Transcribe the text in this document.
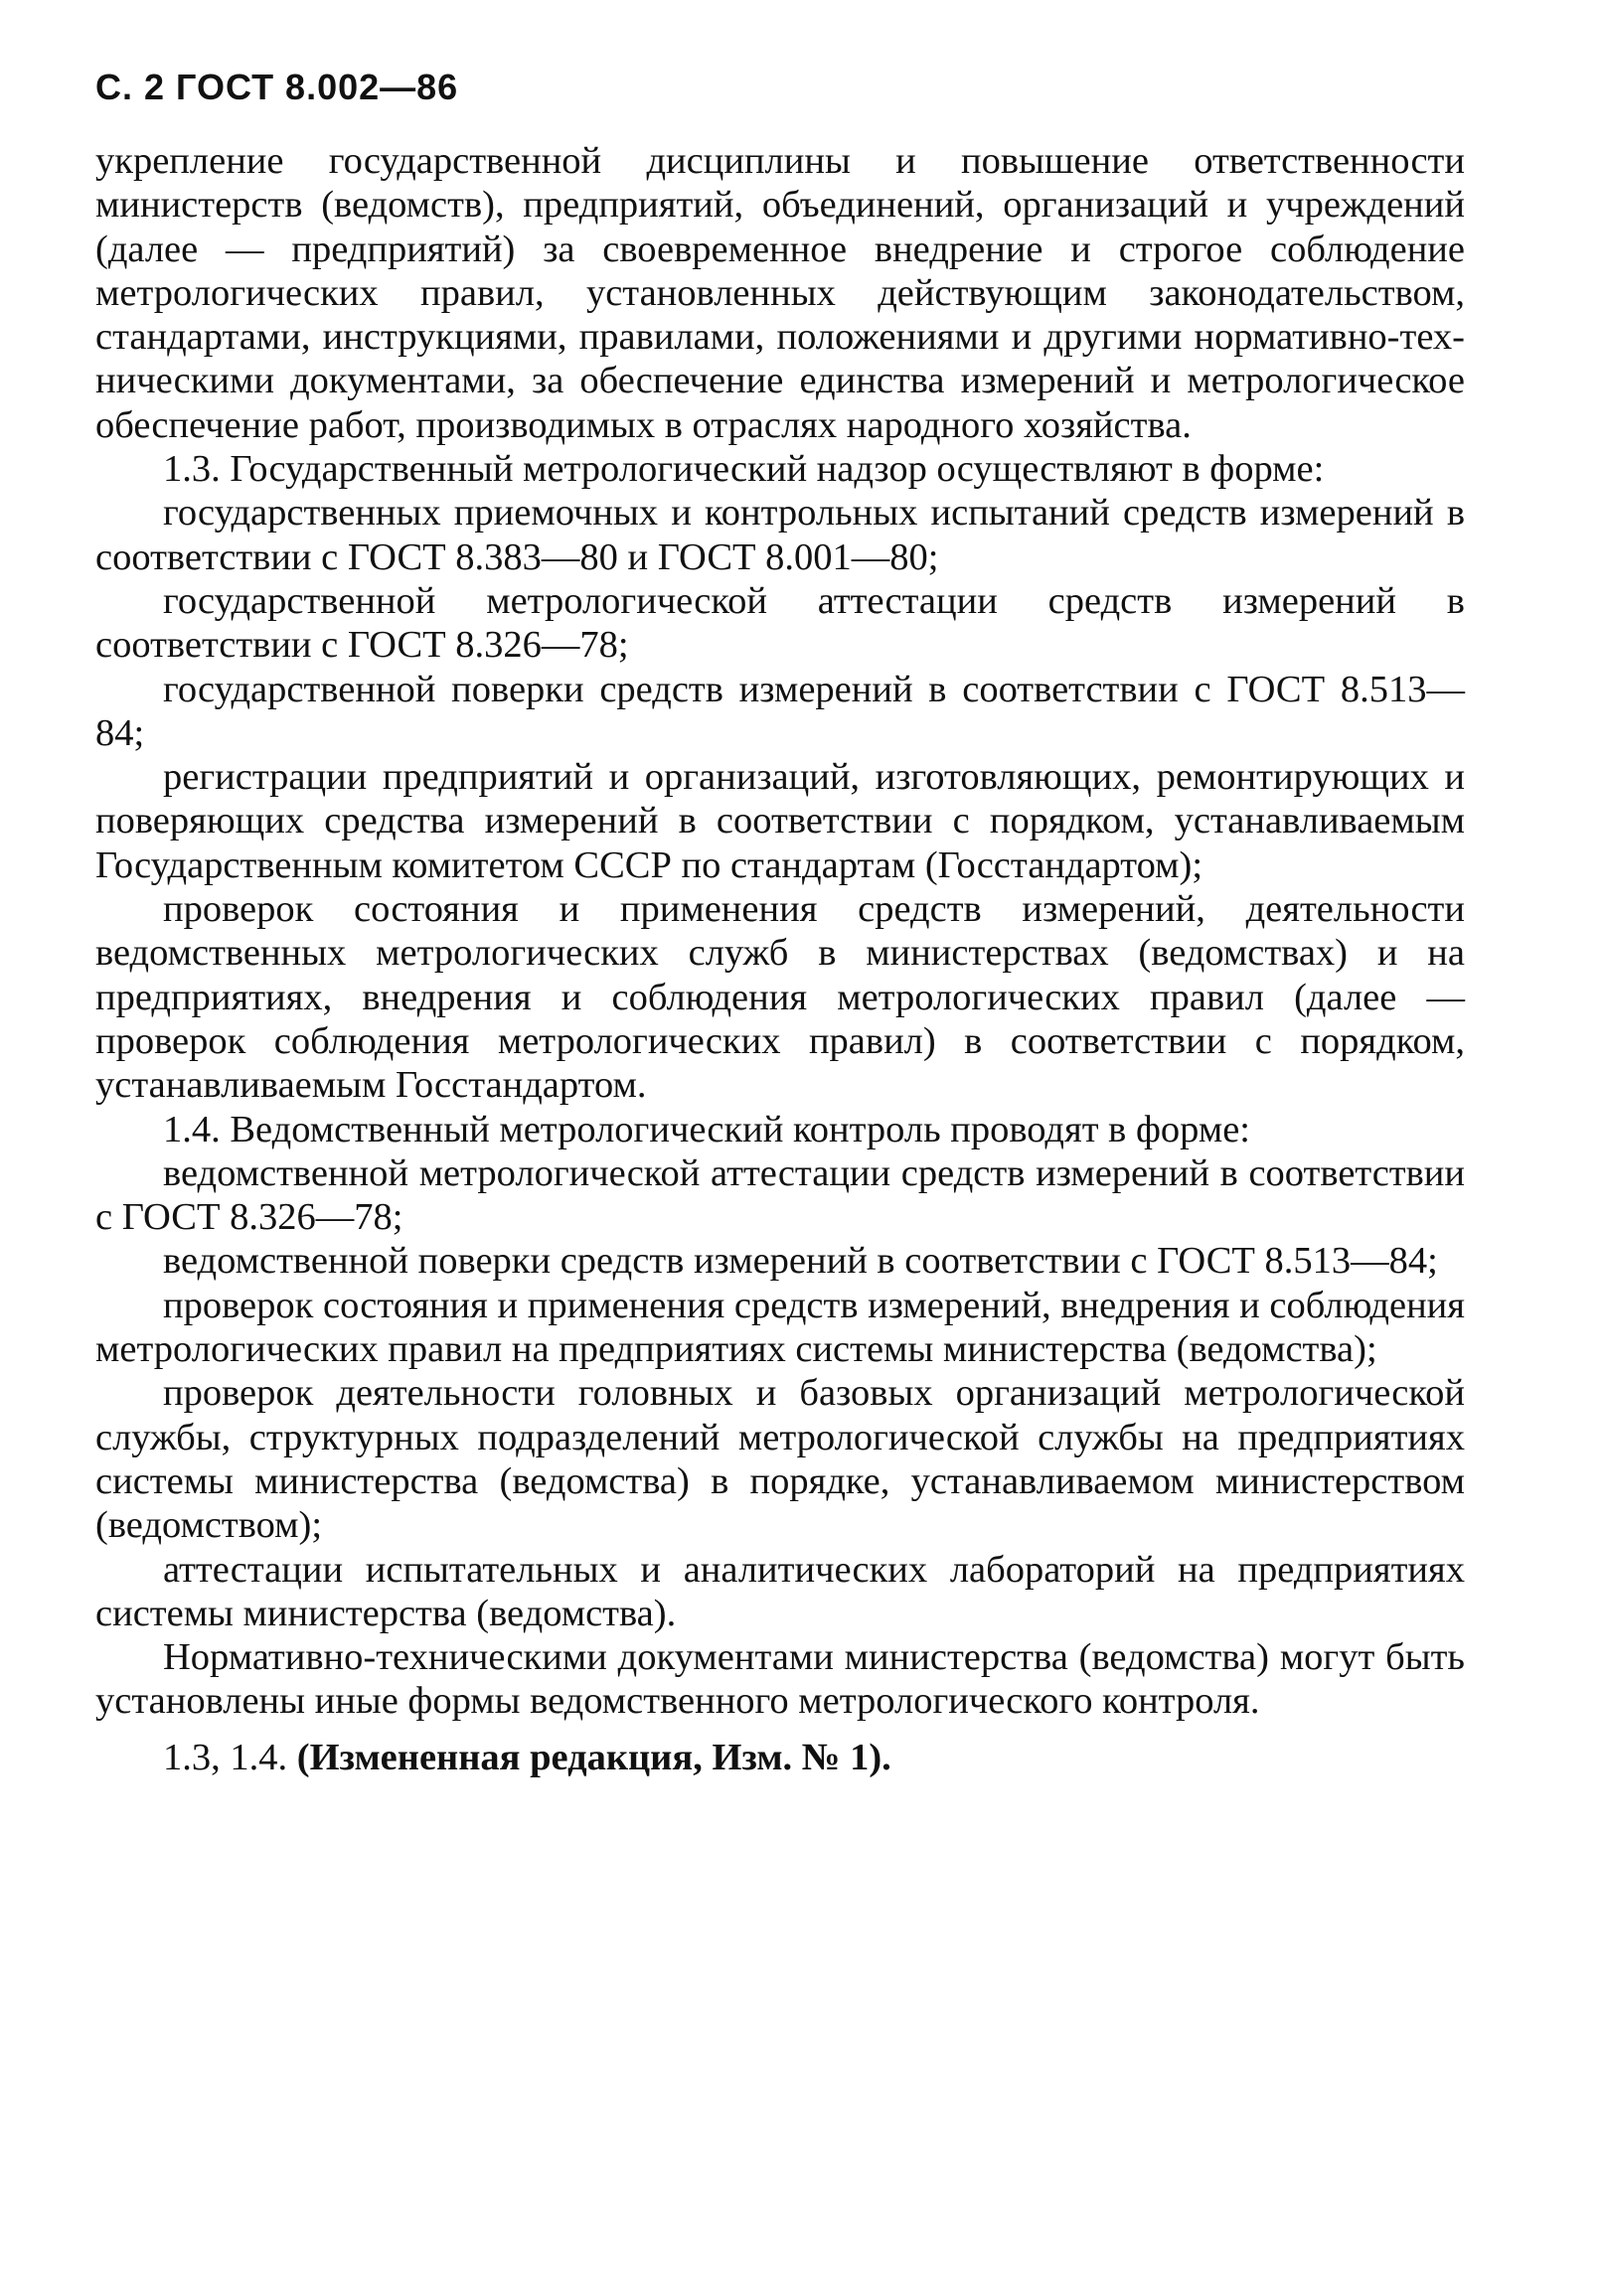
С. 2 ГОСТ 8.002—86

укрепление государственной дисциплины и повышение ответственности министерств (ведомств), предприятий, объединений, организаций и учреждений (далее — предприятий) за своевременное внедрение и строгое соблюдение метрологических правил, установленных действующим законодательством, стандартами, инструкциями, правилами, положениями и другими нормативно-техническими документами, за обеспечение единства измерений и метрологическое обеспечение работ, производимых в отраслях народного хозяйства.

1.3. Государственный метрологический надзор осуществляют в форме:

государственных приемочных и контрольных испытаний средств измерений в соответствии с ГОСТ 8.383—80 и ГОСТ 8.001—80;

государственной метрологической аттестации средств измерений в соответствии с ГОСТ 8.326—78;

государственной поверки средств измерений в соответствии с ГОСТ 8.513—84;

регистрации предприятий и организаций, изготовляющих, ремонтирующих и поверяющих средства измерений в соответствии с порядком, устанавливаемым Государственным комитетом СССР по стандартам (Госстандартом);

проверок состояния и применения средств измерений, деятельности ведомственных метрологических служб в министерствах (ведомствах) и на предприятиях, внедрения и соблюдения метрологических правил (далее — проверок соблюдения метрологических правил) в соответствии с порядком, устанавливаемым Госстандартом.

1.4. Ведомственный метрологический контроль проводят в форме:

ведомственной метрологической аттестации средств измерений в соответствии с ГОСТ 8.326—78;

ведомственной поверки средств измерений в соответствии с ГОСТ 8.513—84;

проверок состояния и применения средств измерений, внедрения и соблюдения метрологических правил на предприятиях системы министерства (ведомства);

проверок деятельности головных и базовых организаций метрологической службы, структурных подразделений метрологической службы на предприятиях системы министерства (ведомства) в порядке, устанавливаемом министерством (ведомством);

аттестации испытательных и аналитических лабораторий на предприятиях системы министерства (ведомства).

Нормативно-техническими документами министерства (ведомства) могут быть установлены иные формы ведомственного метрологического контроля.

1.3, 1.4. (Измененная редакция, Изм. № 1).
